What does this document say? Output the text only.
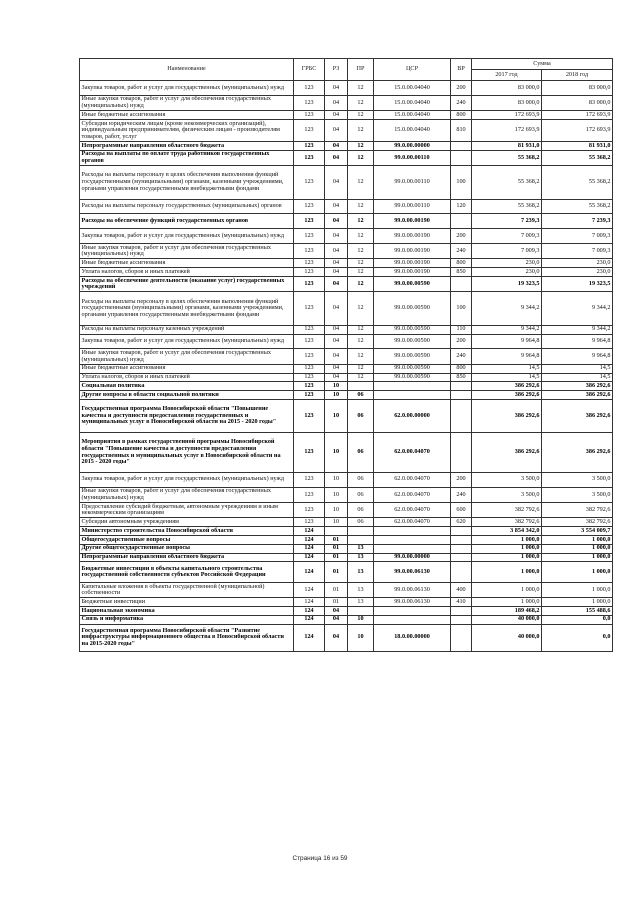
Наименование	ГРБС	РЗ	ПР	ЦСР	ВР	Сумма	
						2017 год	2018 год
Закупка товаров, работ и услуг для государственных (муниципальных) нужд	123	04	12	15.0.00.04040	200	83 000,0	83 000,0
Иные закупки товаров, работ и услуг для обеспечения государственных (муниципальных) нужд	123	04	12	15.0.00.04040	240	83 000,0	83 000,0
Иные бюджетные ассигнования	123	04	12	15.0.00.04040	800	172 693,9	172 693,9
Субсидии юридическим лицам (кроме некоммерческих организаций), индивидуальным предпринимателям, физическим лицам - производителям товаров, работ, услуг	123	04	12	15.0.00.04040	810	172 693,9	172 693,9
Непрограммные направления областного бюджета	123	04	12	99.0.00.00000		81 931,0	81 931,0
Расходы на выплаты по оплате труда работников государственных органов	123	04	12	99.0.00.00110		55 368,2	55 368,2
Расходы на выплаты персоналу в целях обеспечения выполнения функций государственными (муниципальными) органами, казенными учреждениями, органами управления государственными внебюджетными фондами	123	04	12	99.0.00.00110	100	55 368,2	55 368,2
Расходы на выплаты персоналу государственных (муниципальных) органов	123	04	12	99.0.00.00110	120	55 368,2	55 368,2
Расходы на обеспечение функций государственных органов	123	04	12	99.0.00.00190		7 239,3	7 239,3
Закупка товаров, работ и услуг для государственных (муниципальных) нужд	123	04	12	99.0.00.00190	200	7 009,3	7 009,3
Иные закупки товаров, работ и услуг для обеспечения государственных (муниципальных) нужд	123	04	12	99.0.00.00190	240	7 009,3	7 009,3
Иные бюджетные ассигнования	123	04	12	99.0.00.00190	800	230,0	230,0
Уплата налогов, сборов и иных платежей	123	04	12	99.0.00.00190	850	230,0	230,0
Расходы на обеспечение деятельности (оказание услуг) государственных учреждений	123	04	12	99.0.00.00590		19 323,5	19 323,5
Расходы на выплаты персоналу в целях обеспечения выполнения функций государственными (муниципальными) органами, казенными учреждениями, органами управления государственными внебюджетными фондами	123	04	12	99.0.00.00590	100	9 344,2	9 344,2
Расходы на выплаты персоналу казенных учреждений	123	04	12	99.0.00.00590	110	9 344,2	9 344,2
Закупка товаров, работ и услуг для государственных (муниципальных) нужд	123	04	12	99.0.00.00590	200	9 964,8	9 964,8
Иные закупки товаров, работ и услуг для обеспечения государственных (муниципальных) нужд	123	04	12	99.0.00.00590	240	9 964,8	9 964,8
Иные бюджетные ассигнования	123	04	12	99.0.00.00590	800	14,5	14,5
Уплата налогов, сборов и иных платежей	123	04	12	99.0.00.00590	850	14,5	14,5
Социальная политика	123	10				386 292,6	386 292,6
Другие вопросы в области социальной политики	123	10	06			386 292,6	386 292,6
Государственная программа Новосибирской области "Повышение качества и доступности предоставления государственных и муниципальных услуг в Новосибирской области на 2015 - 2020 годы"	123	10	06	62.0.00.00000		386 292,6	386 292,6
Мероприятия в рамках государственной программы Новосибирской области "Повышение качества и доступности предоставления государственных и муниципальных услуг в Новосибирской области на 2015 - 2020 годы"	123	10	06	62.0.00.04070		386 292,6	386 292,6
Закупка товаров, работ и услуг для государственных (муниципальных) нужд	123	10	06	62.0.00.04070	200	3 500,0	3 500,0
Иные закупки товаров, работ и услуг для обеспечения государственных (муниципальных) нужд	123	10	06	62.0.00.04070	240	3 500,0	3 500,0
Предоставление субсидий бюджетным, автономным учреждениям и иным некоммерческим организациям	123	10	06	62.0.00.04070	600	382 792,6	382 792,6
Субсидии автономным учреждениям	123	10	06	62.0.00.04070	620	382 792,6	382 792,6
Министерство строительства Новосибирской области	124					3 854 342,0	3 554 009,7
Общегосударственные вопросы	124	01				1 000,0	1 000,0
Другие общегосударственные вопросы	124	01	13			1 000,0	1 000,0
Непрограммные направления областного бюджета	124	01	13	99.0.00.00000		1 000,0	1 000,0
Бюджетные инвестиции в объекты капитального строительства государственной собственности субъектов Российской Федерации	124	01	13	99.0.00.06130		1 000,0	1 000,0
Капитальные вложения в объекты государственной (муниципальной) собственности	124	01	13	99.0.00.06130	400	1 000,0	1 000,0
Бюджетные инвестиции	124	01	13	99.0.00.06130	410	1 000,0	1 000,0
Национальная экономика	124	04				189 468,2	155 488,6
Связь и информатика	124	04	10			40 000,0	0,0
Государственная программа Новосибирской области "Развитие инфраструктуры информационного общества в Новосибирской области на 2015-2020 годы"	124	04	10	18.0.00.00000		40 000,0	0,0
Страница 16 из 59
